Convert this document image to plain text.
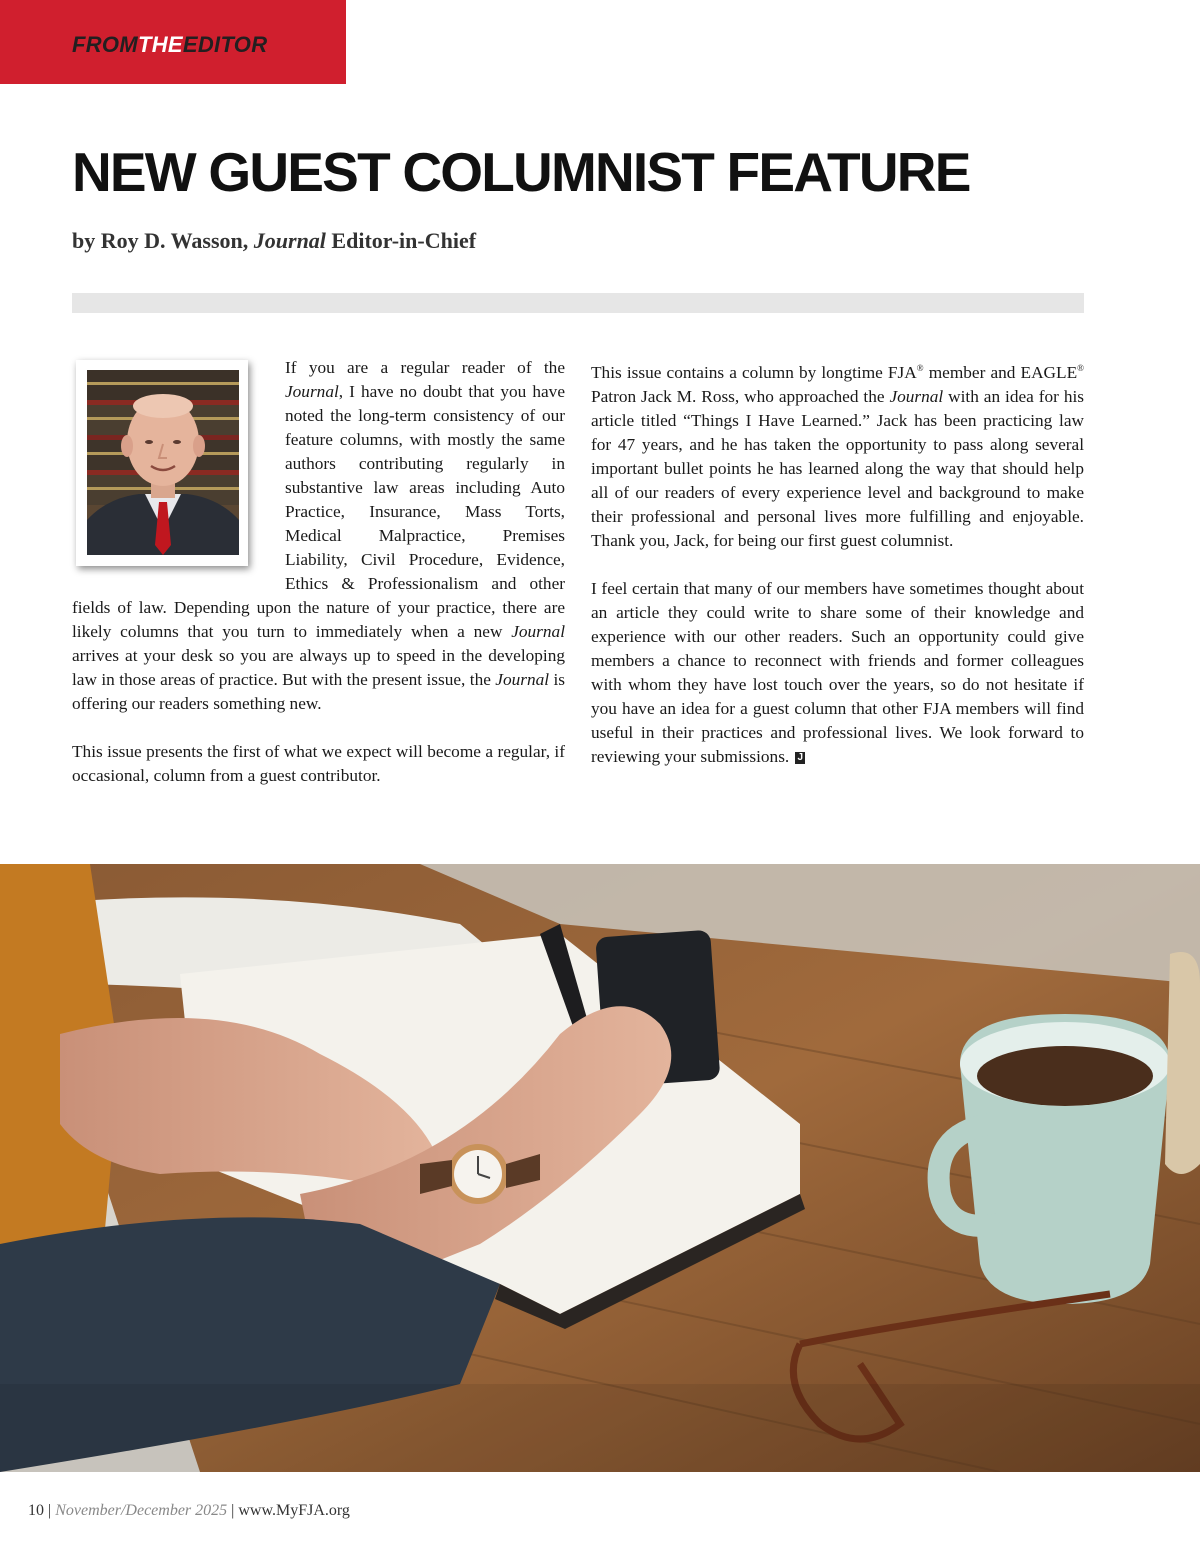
FROMTHEEDITOR
NEW GUEST COLUMNIST FEATURE
by Roy D. Wasson, Journal Editor-in-Chief

If you are a regular reader of the Journal, I have no doubt that you have noted the long-term consistency of our feature columns, with mostly the same authors contributing regularly in substantive law areas including Auto Practice, Insurance, Mass Torts, Medical Malpractice, Premises Liability, Civil Procedure, Evidence, Ethics & Professionalism and other fields of law. Depending upon the nature of your practice, there are likely columns that you turn to immediately when a new Journal arrives at your desk so you are always up to speed in the developing law in those areas of practice. But with the present issue, the Journal is offering our readers something new.

This issue presents the first of what we expect will become a regular, if occasional, column from a guest contributor.

This issue contains a column by longtime FJA® member and EAGLE® Patron Jack M. Ross, who approached the Journal with an idea for his article titled “Things I Have Learned.” Jack has been practicing law for 47 years, and he has taken the opportunity to pass along several important bullet points he has learned along the way that should help all of our readers of every experience level and background to make their professional and personal lives more fulfilling and enjoyable. Thank you, Jack, for being our first guest columnist.

I feel certain that many of our members have sometimes thought about an article they could write to share some of their knowledge and experience with our other readers. Such an opportunity could give members a chance to reconnect with friends and former colleagues with whom they have lost touch over the years, so do not hesitate if you have an idea for a guest column that other FJA members will find useful in their practices and professional lives. We look forward to reviewing your submissions. J

10 | November/December 2025 | www.MyFJA.org
